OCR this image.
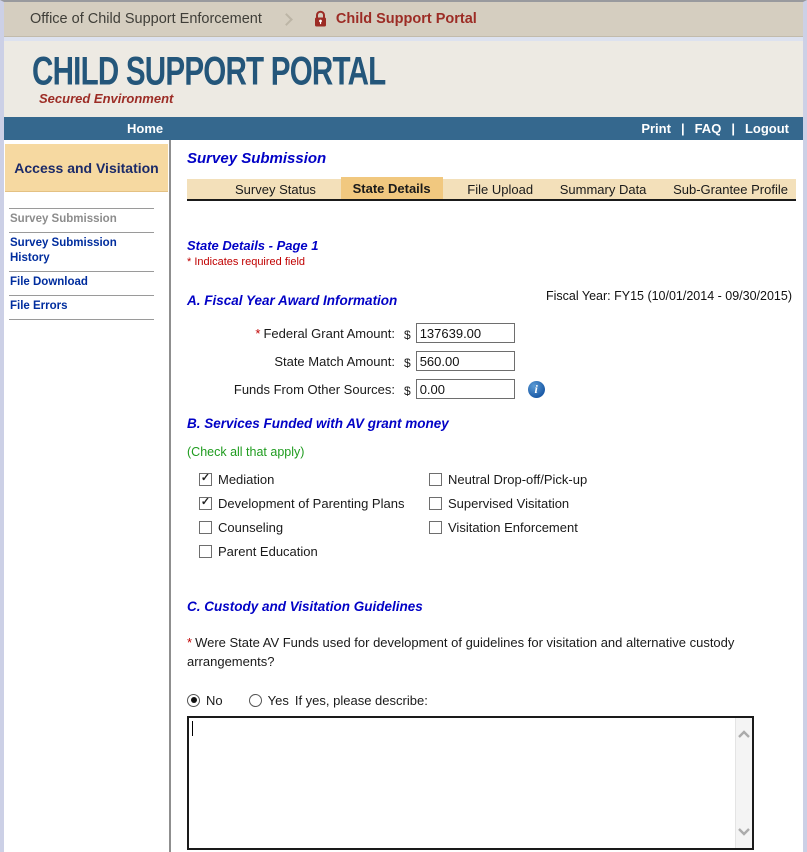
Office of Child Support Enforcement	Child Support Portal
CHILD SUPPORT PORTAL
Secured Environment
Home	Print | FAQ | Logout
Access and Visitation
Survey Submission
Survey Submission History
File Download
File Errors
Survey Submission
Survey Status	State Details	File Upload Summary Data Sub-Grantee Profile
State Details - Page 1
* Indicates required field
A. Fiscal Year Award Information	Fiscal Year: FY15 (10/01/2014 - 09/30/2015)
* Federal Grant Amount: $
137639.00
State Match Amount: $
560.00
Funds From Other Sources: $
0.00	i
B. Services Funded with AV grant money
(Check all that apply)
✓
Mediation
✓
Development of Parenting Plans
Counseling
Parent Education
Neutral Drop-off/Pick-up
Supervised Visitation
Visitation Enforcement
C. Custody and Visitation Guidelines
* Were State AV Funds used for development of guidelines for visitation and alternative custody arrangements?
No	Yes If yes, please describe:
